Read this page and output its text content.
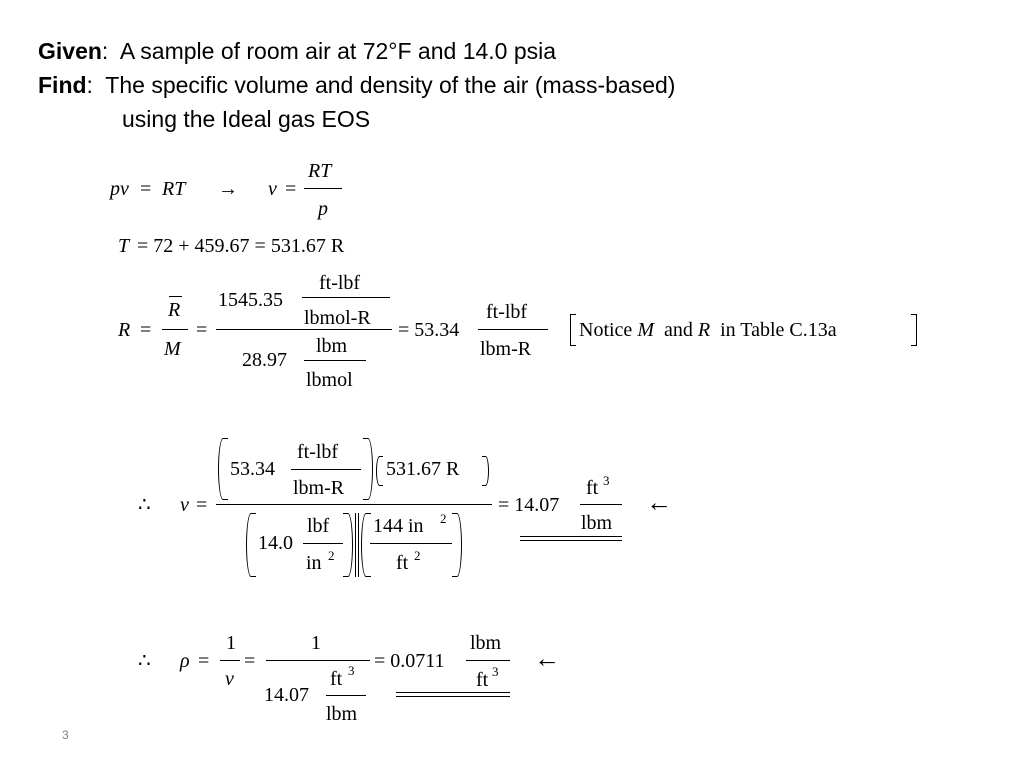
Given:  A sample of room air at 72°F and 14.0 psia
Find:  The specific volume and density of the air (mass-based)
using the Ideal gas EOS
pv = RT → v =
RT
p
T = 72 + 459.67 = 531.67 R
R =
R
M
=
1545.35
ft-lbf
lbmol-R
lbm
28.97
lbmol
= 53.34
ft-lbf
lbm-R
Notice M  and R  in Table C.13a
∴ v =
53.34
ft-lbf
lbm-R
531.67 R
14.0
lbf
in 2
144 in 2
ft 2
= 14.07
ft 3
lbm
←
∴ ρ =
1
v
=
1
14.07
ft 3
lbm
= 0.0711
lbm
ft 3 ←
3
